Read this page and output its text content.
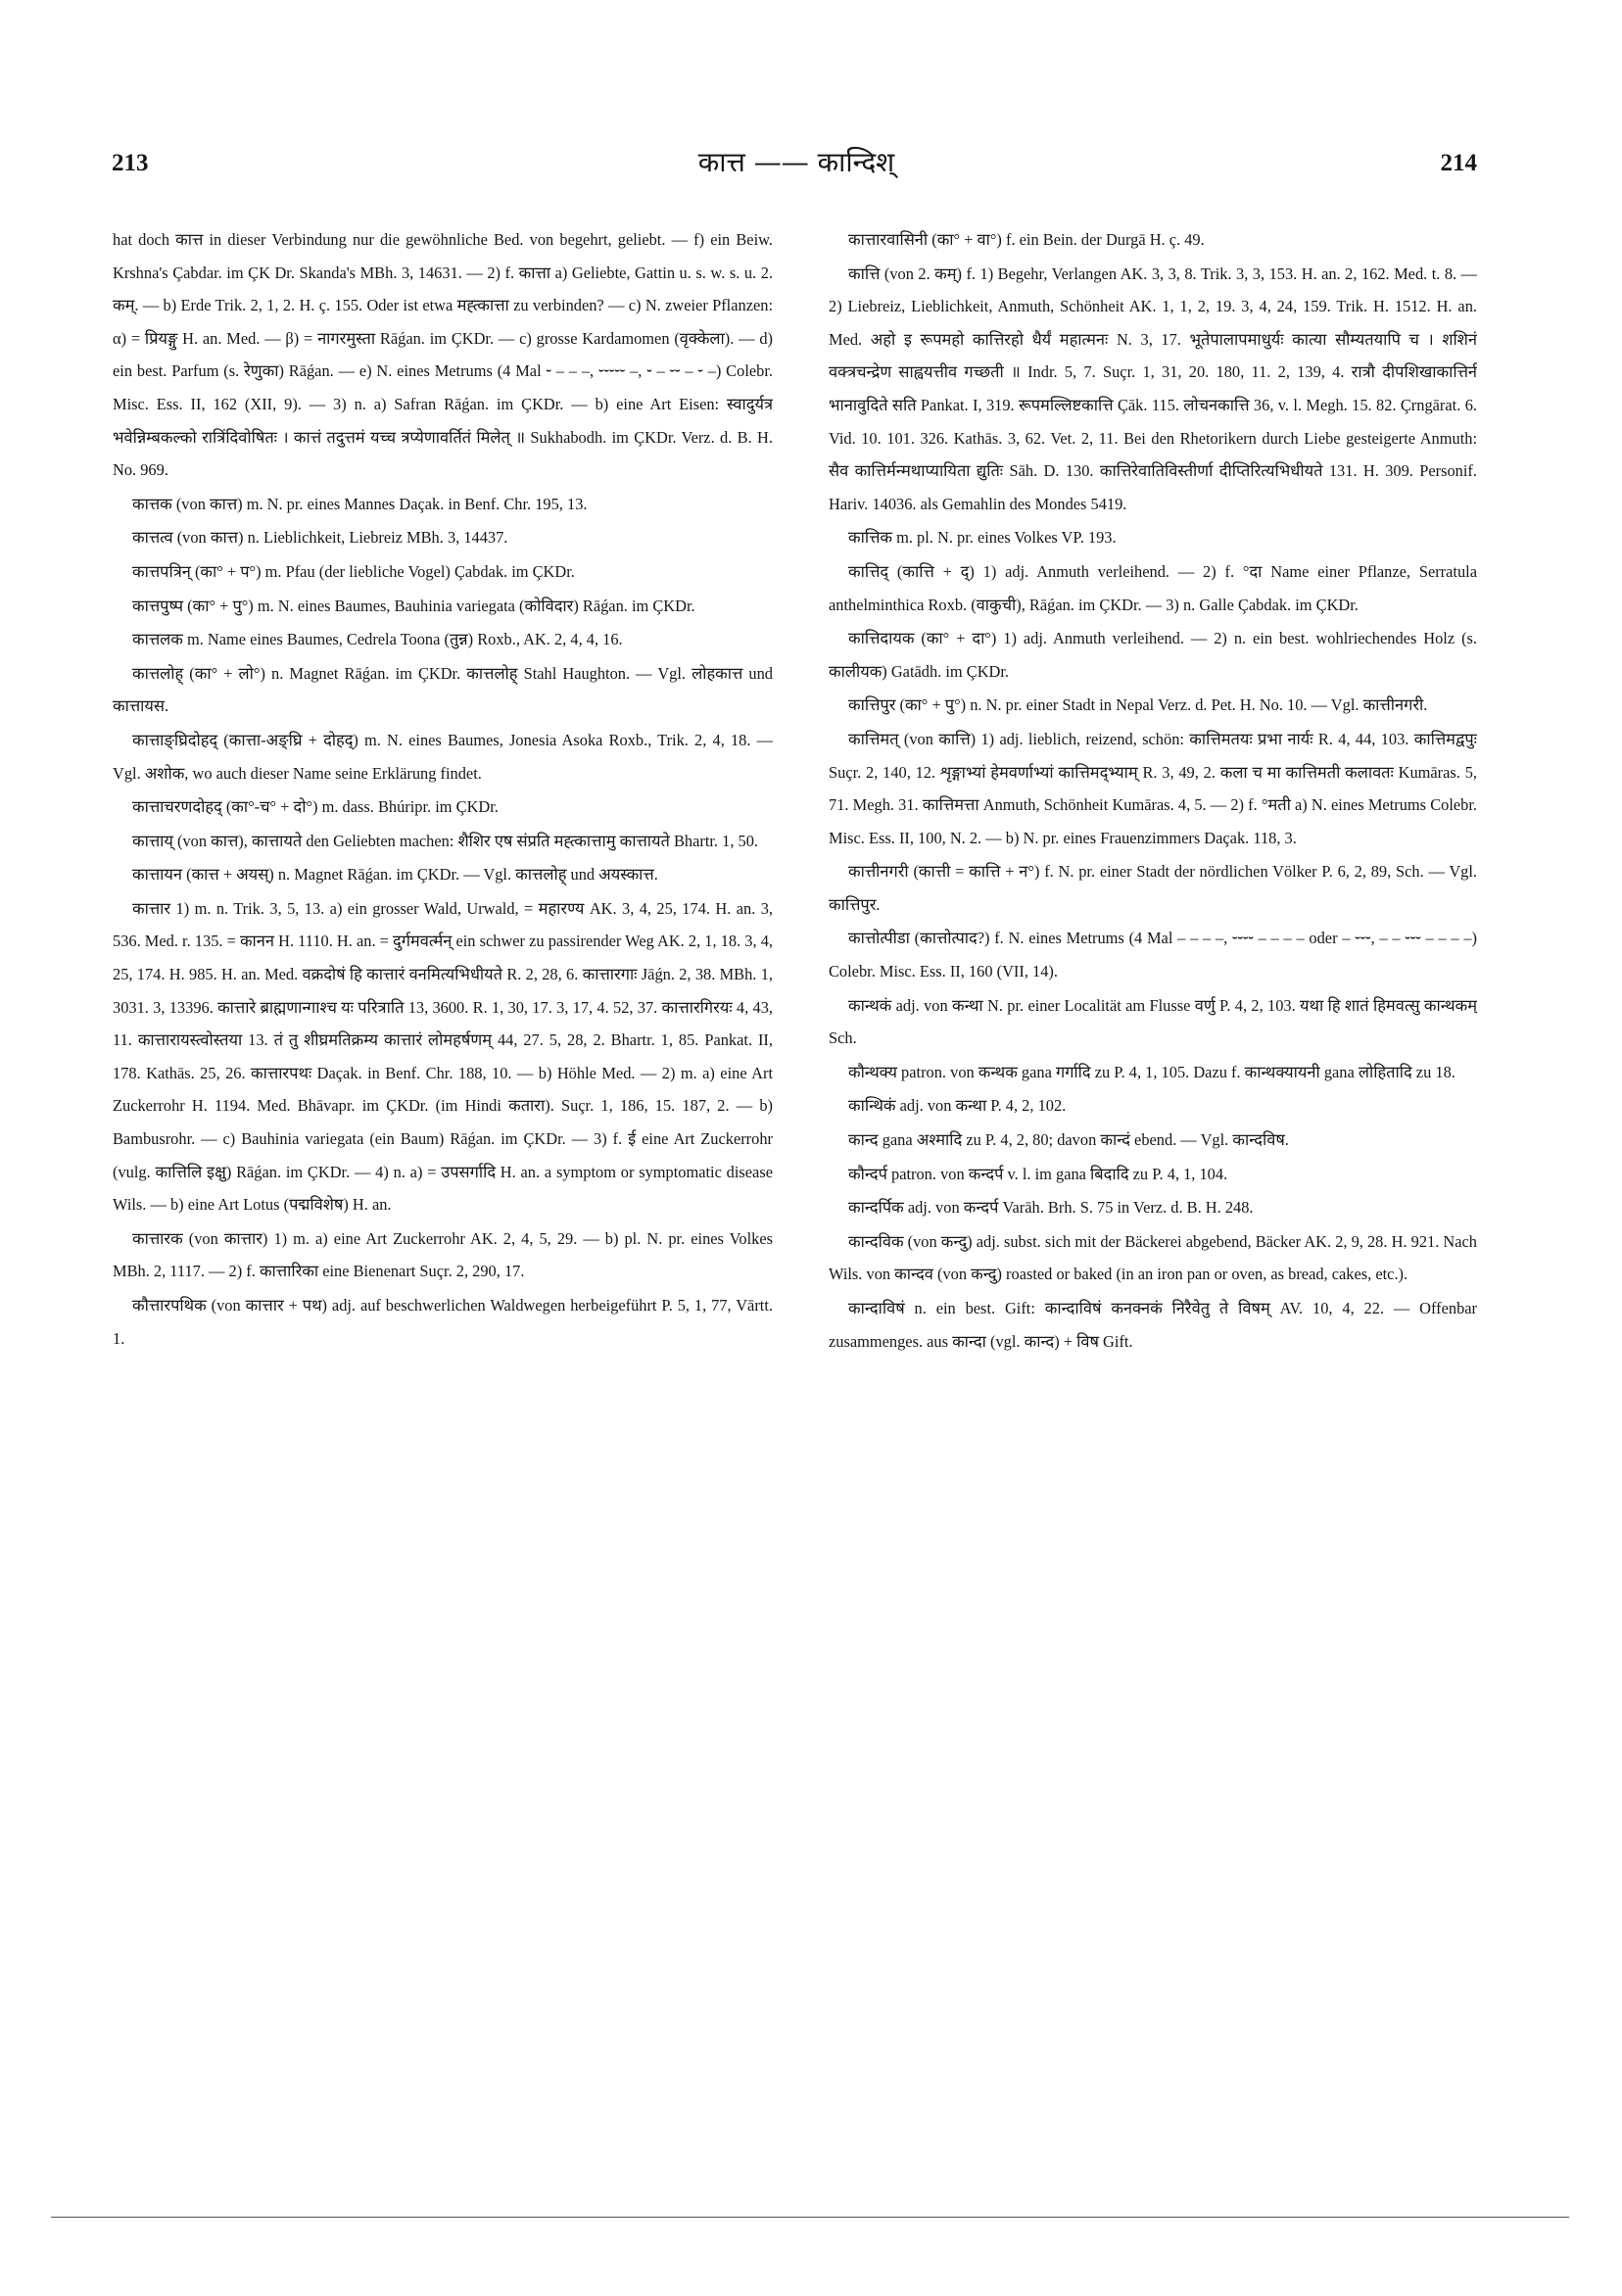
213	कात्त —— कान्दिश्	214

hat doch कात्त in dieser Verbindung nur die gewöhnliche Bed. von begehrt, geliebt. — f) ein Beiw. Krshna's Çabdar. im ÇK Dr. Skanda's MBh. 3, 14631. — 2) f. कात्ता a) Geliebte, Gattin u. s. w. s. u. 2. कम्. — b) Erde Trik. 2, 1, 2. H. ç. 155. Oder ist etwa मह्त्कात्ता zu verbinden? — c) N. zweier Pflanzen: α) = प्रियङ्गु H. an. Med. — β) = नागरमुस्ता Rāǵan. im ÇKDr. — c) grosse Kardamomen (वृक्केला). — d) ein best. Parfum (s. रेणुका) Rāǵan. — e) N. eines Metrums (4 Mal ⏑ – – –, ⏑⏑⏑⏑⏑ –, ⏑ – ⏑⏑ – ⏑ –) Colebr. Misc. Ess. II, 162 (XII, 9). — 3) n. a) Safran Rāǵan. im ÇKDr. — b) eine Art Eisen: स्वादुर्यत्र भवेन्निम्बकल्को रात्रिंदिवोषितः । कात्तं तदुत्तमं यच्च त्रप्येणावर्तितं मिलेत् ॥ Sukhabodh. im ÇKDr. Verz. d. B. H. No. 969.

कात्तक (von कात्त) m. N. pr. eines Mannes Daçak. in Benf. Chr. 195, 13.

कात्तत्व (von कात्त) n. Lieblichkeit, Liebreiz MBh. 3, 14437.

कात्तपत्रिन् (का° + प°) m. Pfau (der liebliche Vogel) Çabdak. im ÇKDr.

कात्तपुष्प (का° + पु°) m. N. eines Baumes, Bauhinia variegata (कोविदार) Rāǵan. im ÇKDr.

कात्तलक m. Name eines Baumes, Cedrela Toona (तुन्न) Roxb., AK. 2, 4, 4, 16.

कात्तलोह् (का° + लो°) n. Magnet Rāǵan. im ÇKDr. कात्तलोह् Stahl Haughton. — Vgl. लोहकात्त und कात्तायस.

कात्ताङ्घ्रिदोहद् (कात्ता-अङ्घ्रि + दोहद्) m. N. eines Baumes, Jonesia Asoka Roxb., Trik. 2, 4, 18. — Vgl. अशोक, wo auch dieser Name seine Erklärung findet.

कात्ताचरणदोहद् (का°-च° + दो°) m. dass. Bhúripr. im ÇKDr.

कात्ताय् (von कात्त), कात्तायते den Geliebten machen: शैशिर एष संप्रति मह्त्कात्तामु कात्तायते Bhartr. 1, 50.

कात्तायन (कात्त + अयस्) n. Magnet Rāǵan. im ÇKDr. — Vgl. कात्तलोह् und अयस्कात्त.

कात्तार 1) m. n. Trik. 3, 5, 13. a) ein grosser Wald, Urwald, = महारण्य AK. 3, 4, 25, 174. H. an. 3, 536. Med. r. 135. = कानन H. 1110. H. an. = दुर्गमवर्त्मन् ein schwer zu passirender Weg AK. 2, 1, 18. 3, 4, 25, 174. H. 985. H. an. Med. वक्रदोषं हि कात्तारं वनमित्यभिधीयते R. 2, 28, 6. कात्तारगाः Jāǵn. 2, 38. MBh. 1, 3031. 3, 13396. कात्तारे ब्राह्मणान्गाश्च यः परित्राति 13, 3600. R. 1, 30, 17. 3, 17, 4. 52, 37. कात्तारगिरयः 4, 43, 11. कात्तारायस्त्वोस्तया 13. तं तु शीघ्रमतिक्रम्य कात्तारं लोमहर्षणम् 44, 27. 5, 28, 2. Bhartr. 1, 85. Pankat. II, 178. Kathās. 25, 26. कात्तारपथः Daçak. in Benf. Chr. 188, 10. — b) Höhle Med. — 2) m. a) eine Art Zuckerrohr H. 1194. Med. Bhāvapr. im ÇKDr. (im Hindi कतारा). Suçr. 1, 186, 15. 187, 2. — b) Bambusrohr. — c) Bauhinia variegata (ein Baum) Rāǵan. im ÇKDr. — 3) f. ई eine Art Zuckerrohr (vulg. कात्तिलि इक्षु) Rāǵan. im ÇKDr. — 4) n. a) = उपसर्गादि H. an. a symptom or symptomatic disease Wils. — b) eine Art Lotus (पद्मविशेष) H. an.

कात्तारक (von कात्तार) 1) m. a) eine Art Zuckerrohr AK. 2, 4, 5, 29. — b) pl. N. pr. eines Volkes MBh. 2, 1117. — 2) f. कात्तारिका eine Bienenart Suçr. 2, 290, 17.

कौत्तारपथिक (von कात्तार + पथ) adj. auf beschwerlichen Waldwegen herbeigeführt P. 5, 1, 77, Vārtt. 1.

कात्तारवासिनी (का° + वा°) f. ein Bein. der Durgā H. ç. 49.

कात्ति (von 2. कम्) f. 1) Begehr, Verlangen AK. 3, 3, 8. Trik. 3, 3, 153. H. an. 2, 162. Med. t. 8. — 2) Liebreiz, Lieblichkeit, Anmuth, Schönheit AK. 1, 1, 2, 19. 3, 4, 24, 159. Trik. H. 1512. H. an. Med. अहो इ रूपमहो कात्तिरहो धैर्यं महात्मनः N. 3, 17. भूतेपालापमाधुर्यः कात्या सौम्यतयापि च । शशिनं वक्त्रचन्द्रेण साह्वयत्तीव गच्छती ॥ Indr. 5, 7. Suçr. 1, 31, 20. 180, 11. 2, 139, 4. रात्रौ दीपशिखाकात्तिर्न भानावुदिते सति Pankat. I, 319. रूपमल्लिष्टकात्ति Çāk. 115. लोचनकात्ति 36, v. l. Megh. 15. 82. Çrngārat. 6. Vid. 10. 101. 326. Kathās. 3, 62. Vet. 2, 11. Bei den Rhetorikern durch Liebe gesteigerte Anmuth: सैव कात्तिर्मन्मथाप्यायिता द्युतिः Sāh. D. 130. कात्तिरेवातिविस्तीर्णा दीप्तिरित्यभिधीयते 131. H. 309. Personif. Hariv. 14036. als Gemahlin des Mondes 5419.

कात्तिक m. pl. N. pr. eines Volkes VP. 193.

कात्तिद् (कात्ति + द्) 1) adj. Anmuth verleihend. — 2) f. °दा Name einer Pflanze, Serratula anthelminthica Roxb. (वाकुची), Rāǵan. im ÇKDr. — 3) n. Galle Çabdak. im ÇKDr.

कात्तिदायक (का° + दा°) 1) adj. Anmuth verleihend. — 2) n. ein best. wohlriechendes Holz (s. कालीयक) Gatādh. im ÇKDr.

कात्तिपुर (का° + पु°) n. N. pr. einer Stadt in Nepal Verz. d. Pet. H. No. 10. — Vgl. कात्तीनगरी.

कात्तिमत् (von कात्ति) 1) adj. lieblich, reizend, schön: कात्तिमतयः प्रभा नार्यः R. 4, 44, 103. कात्तिमद्वपुः Suçr. 2, 140, 12. शृङ्गाभ्यां हेमवर्णाभ्यां कात्तिमद्भ्याम् R. 3, 49, 2. कला च मा कात्तिमती कलावतः Kumāras. 5, 71. Megh. 31. कात्तिमत्ता Anmuth, Schönheit Kumāras. 4, 5. — 2) f. °मती a) N. eines Metrums Colebr. Misc. Ess. II, 100, N. 2. — b) N. pr. eines Frauenzimmers Daçak. 118, 3.

कात्तीनगरी (कात्ती = कात्ति + न°) f. N. pr. einer Stadt der nördlichen Völker P. 6, 2, 89, Sch. — Vgl. कात्तिपुर.

कात्तोत्पीडा (कात्तोत्पाद?) f. N. eines Metrums (4 Mal – – – –, ⏑⏑⏑⏑ – – – – oder – ⏑⏑⏑, – – ⏑⏑⏑ – – – –) Colebr. Misc. Ess. II, 160 (VII, 14).

कान्थकं adj. von कन्था N. pr. einer Localität am Flusse वर्णु P. 4, 2, 103. यथा हि शातं हिमवत्सु कान्थकम् Sch.

कौन्थक्य patron. von कन्थक gana गर्गादि zu P. 4, 1, 105. Dazu f. कान्थक्यायनी gana लोहितादि zu 18.

कान्थिकं adj. von कन्था P. 4, 2, 102.

कान्द gana अश्मादि zu P. 4, 2, 80; davon कान्दं ebend. — Vgl. कान्दविष.

कौन्दर्प patron. von कन्दर्प v. l. im gana बिदादि zu P. 4, 1, 104.

कान्दर्पिक adj. von कन्दर्प Varāh. Brh. S. 75 in Verz. d. B. H. 248.

कान्दविक (von कन्दु) adj. subst. sich mit der Bäckerei abgebend, Bäcker AK. 2, 9, 28. H. 921. Nach Wils. von कान्दव (von कन्दु) roasted or baked (in an iron pan or oven, as bread, cakes, etc.).

कान्दाविषं n. ein best. Gift: कान्दाविषं कनक्नकं निरैवेतु ते विषम् AV. 10, 4, 22. — Offenbar zusammenges. aus कान्दा (vgl. कान्द) + विष Gift.
